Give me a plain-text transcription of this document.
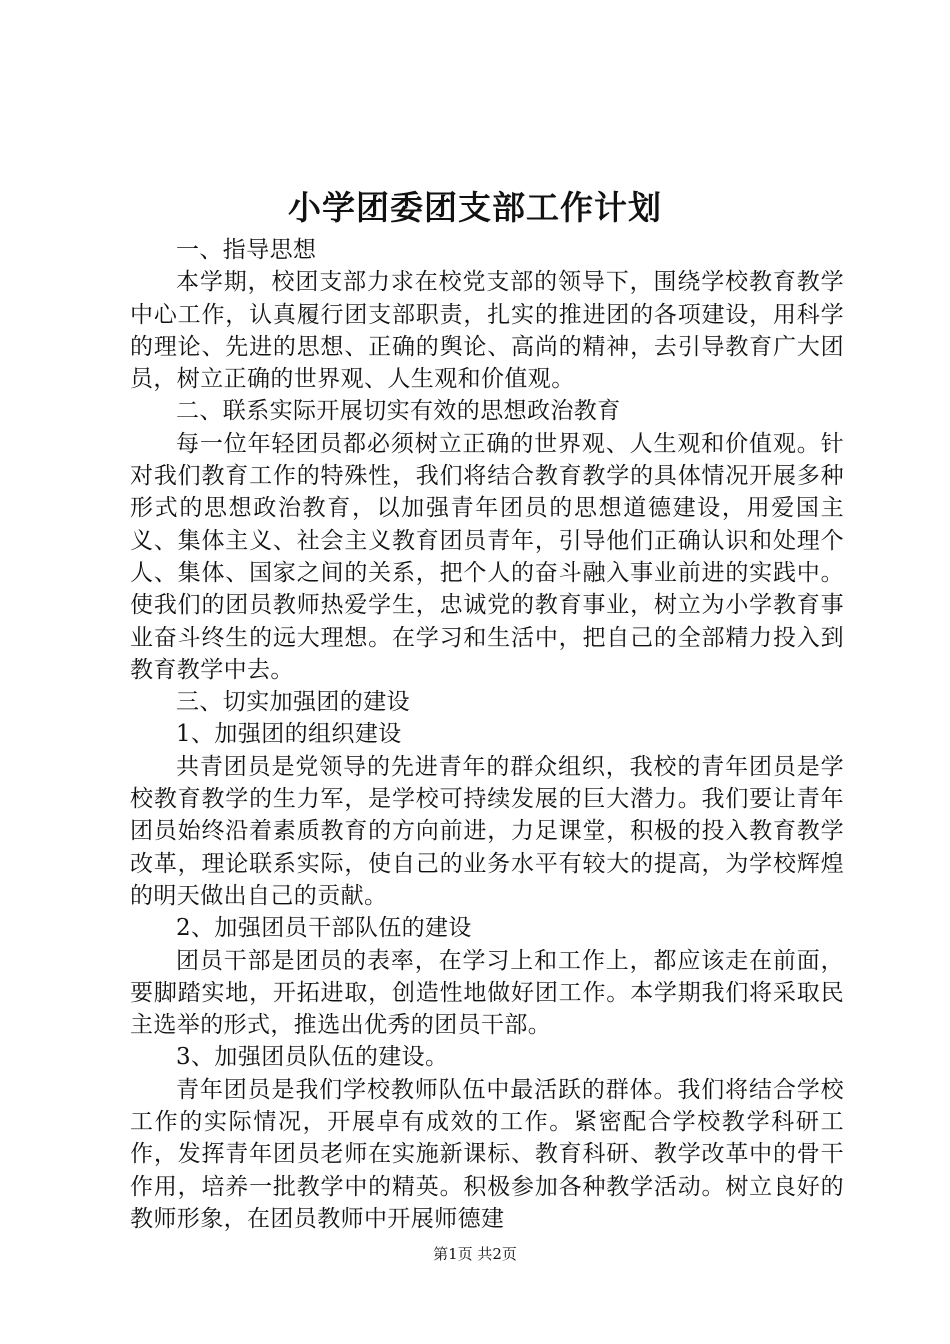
小学团委团支部工作计划

一、指导思想

本学期，校团支部力求在校党支部的领导下，围绕学校教育教学中心工作，认真履行团支部职责，扎实的推进团的各项建设，用科学的理论、先进的思想、正确的舆论、高尚的精神，去引导教育广大团员，树立正确的世界观、人生观和价值观。

二、联系实际开展切实有效的思想政治教育

每一位年轻团员都必须树立正确的世界观、人生观和价值观。针对我们教育工作的特殊性，我们将结合教育教学的具体情况开展多种形式的思想政治教育，以加强青年团员的思想道德建设，用爱国主义、集体主义、社会主义教育团员青年，引导他们正确认识和处理个人、集体、国家之间的关系，把个人的奋斗融入事业前进的实践中。使我们的团员教师热爱学生，忠诚党的教育事业，树立为小学教育事业奋斗终生的远大理想。在学习和生活中，把自己的全部精力投入到教育教学中去。

三、切实加强团的建设

1、加强团的组织建设

共青团员是党领导的先进青年的群众组织，我校的青年团员是学校教育教学的生力军，是学校可持续发展的巨大潜力。我们要让青年团员始终沿着素质教育的方向前进，力足课堂，积极的投入教育教学改革，理论联系实际，使自己的业务水平有较大的提高，为学校辉煌的明天做出自己的贡献。

2、加强团员干部队伍的建设

团员干部是团员的表率，在学习上和工作上，都应该走在前面，要脚踏实地，开拓进取，创造性地做好团工作。本学期我们将采取民主选举的形式，推选出优秀的团员干部。

3、加强团员队伍的建设。

青年团员是我们学校教师队伍中最活跃的群体。我们将结合学校工作的实际情况，开展卓有成效的工作。紧密配合学校教学科研工作，发挥青年团员老师在实施新课标、教育科研、教学改革中的骨干作用，培养一批教学中的精英。积极参加各种教学活动。树立良好的教师形象，在团员教师中开展师德建

第1页 共2页
